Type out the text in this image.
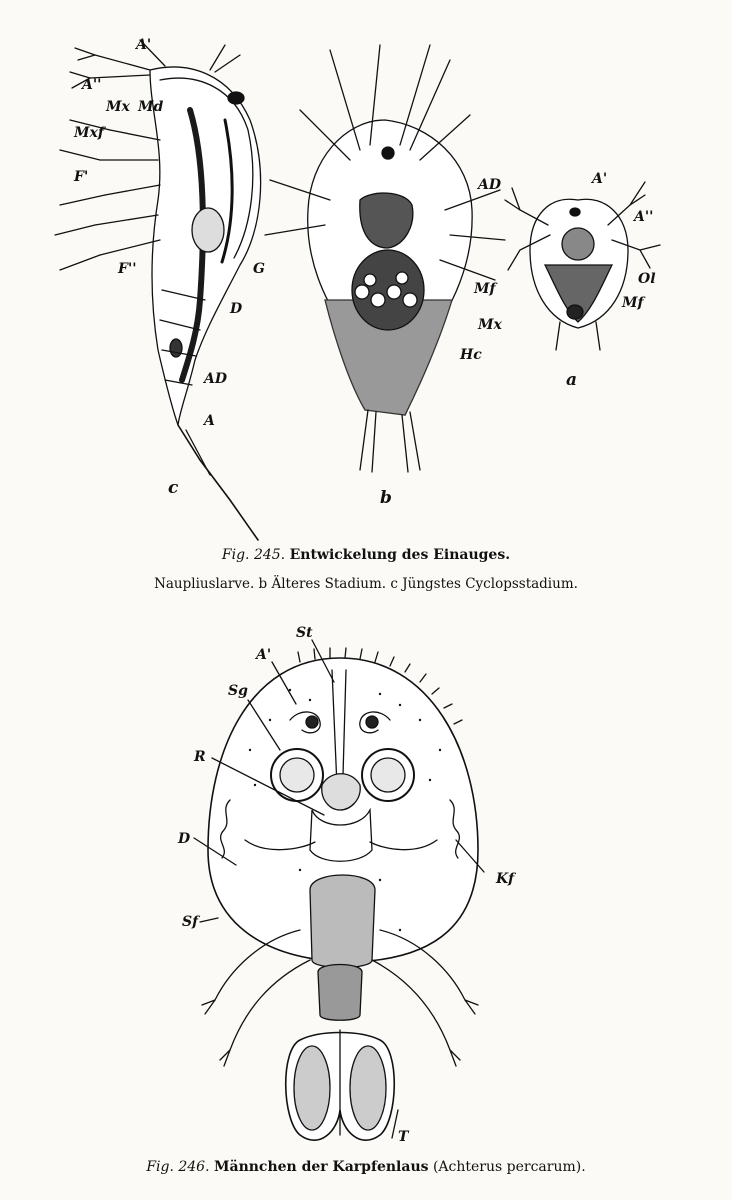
A'
A''
Mx Md
Mxf
F'
F''	G
D
AD
A
c
AD
Mf
Mx
Hc
b
A'
A''
Ol
Mf
a
Fig. 245. Entwickelung des Einauges.
Naupliuslarve. b Älteres Stadium. c Jüngstes Cyclopsstadium.
St
A'
Sg
R
D
Kf
Sf
T
Fig. 246. Männchen der Karpfenlaus (Achterus percarum).
